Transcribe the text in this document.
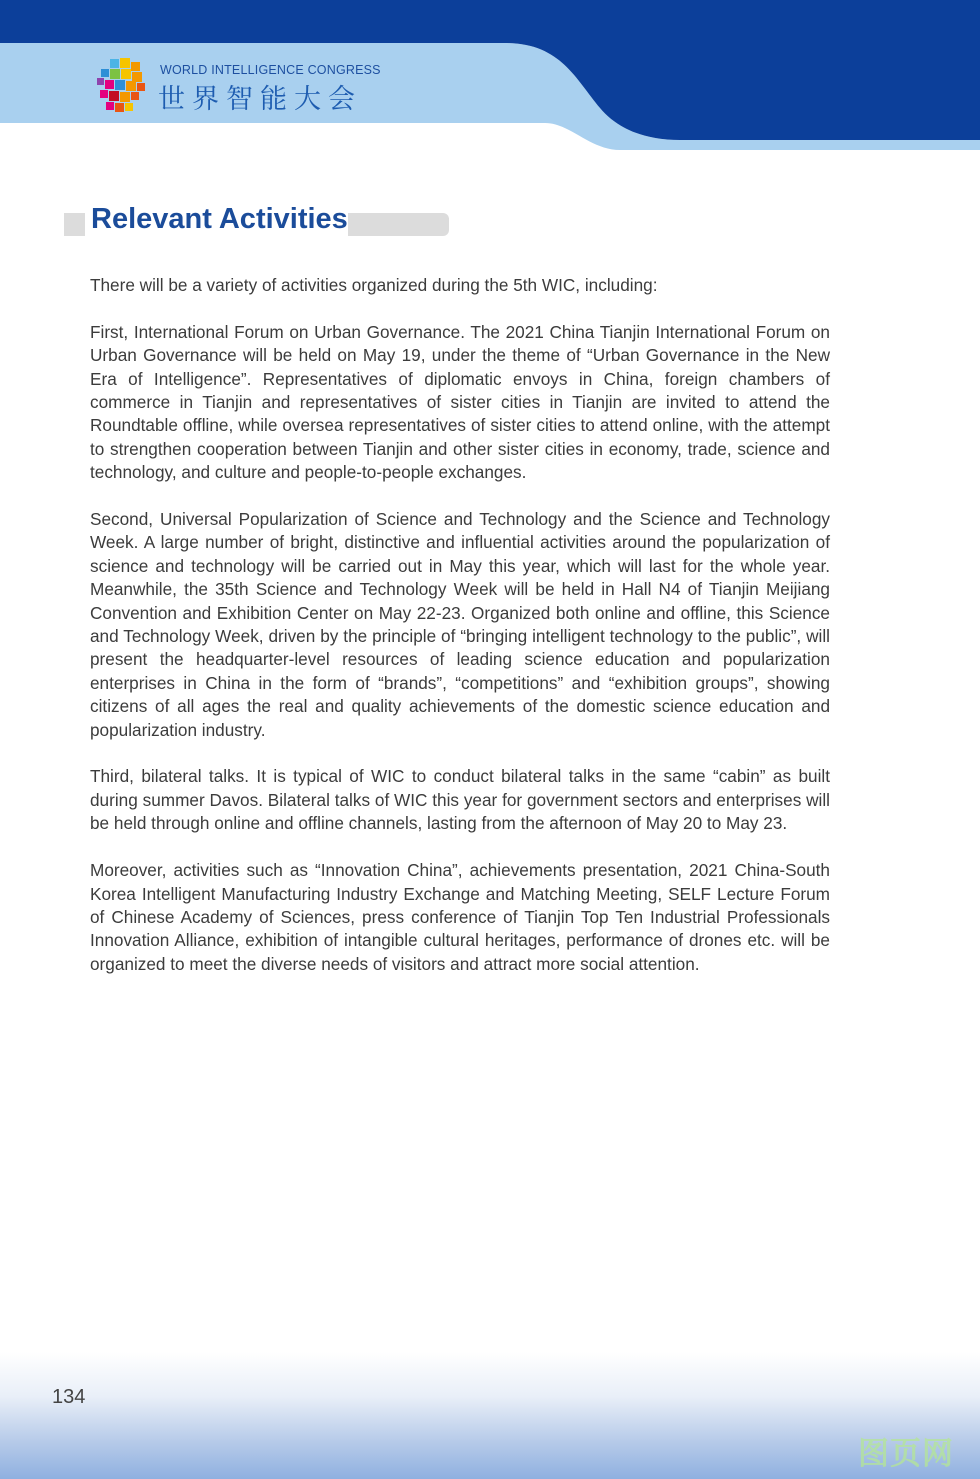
WORLD INTELLIGENCE CONGRESS
世界智能大会
Relevant Activities

There will be a variety of activities organized during the 5th WIC, including:

First, International Forum on Urban Governance. The 2021 China Tianjin International Forum on Urban Governance will be held on May 19, under the theme of “Urban Governance in the New Era of Intelligence”. Representatives of diplomatic envoys in China, foreign chambers of commerce in Tianjin and representatives of sister cities in Tianjin are invited to attend the Roundtable offline, while oversea representatives of sister cities to attend online, with the attempt to strengthen cooperation between Tianjin and other sister cities in economy, trade, science and technology, and culture and people-to-people exchanges.

Second, Universal Popularization of Science and Technology and the Science and Technology Week. A large number of bright, distinctive and influential activities around the popularization of science and technology will be carried out in May this year, which will last for the whole year. Meanwhile, the 35th Science and Technology Week will be held in Hall N4 of Tianjin Meijiang Convention and Exhibition Center on May 22-23. Organized both online and offline, this Science and Technology Week, driven by the principle of “bringing intelligent technology to the public”, will present the headquarter-level resources of leading science education and popularization enterprises in China in the form of “brands”, “competitions” and “exhibition groups”, showing citizens of all ages the real and quality achievements of the domestic science education and popularization industry.

Third, bilateral talks. It is typical of WIC to conduct bilateral talks in the same “cabin” as built during summer Davos. Bilateral talks of WIC this year for government sectors and enterprises will be held through online and offline channels, lasting from the afternoon of May 20 to May 23.

Moreover, activities such as “Innovation China”, achievements presentation, 2021 China-South Korea Intelligent Manufacturing Industry Exchange and Matching Meeting, SELF Lecture Forum of Chinese Academy of Sciences, press conference of Tianjin Top Ten Industrial Professionals Innovation Alliance, exhibition of intangible cultural heritages, performance of drones etc. will be organized to meet the diverse needs of visitors and attract more social attention.

134
图页网
